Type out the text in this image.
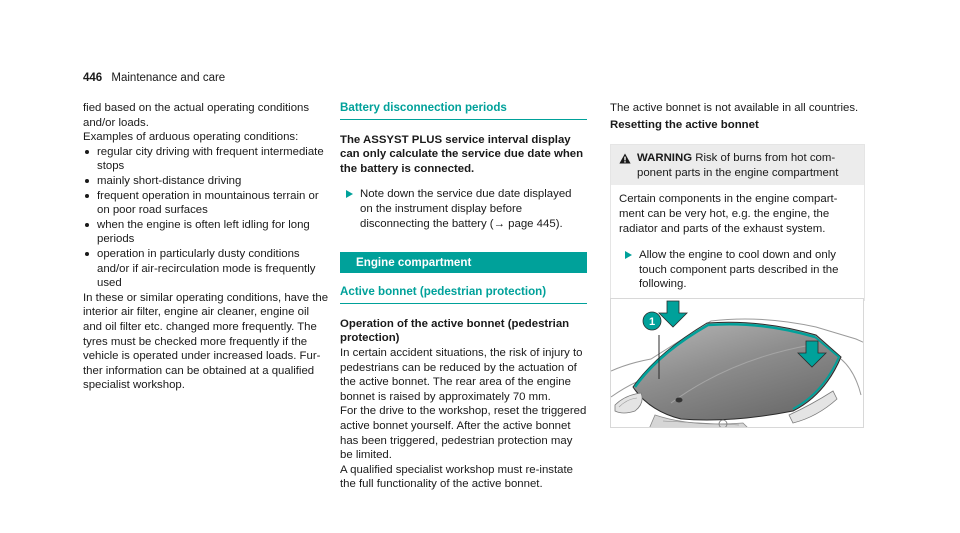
446 Maintenance and care

fied based on the actual operating conditions and/or loads.

Examples of arduous operating conditions:

regular city driving with frequent intermediate stops
mainly short-distance driving
frequent operation in mountainous terrain or on poor road surfaces
when the engine is often left idling for long periods
operation in particularly dusty conditions and/or if air-recirculation mode is frequently used

In these or similar operating conditions, have the interior air filter, engine air cleaner, engine oil and oil filter etc. changed more frequently. The tyres must be checked more frequently if the vehicle is operated under increased loads. Further information can be obtained at a qualified specialist workshop.

Battery disconnection periods

The ASSYST PLUS service interval display can only calculate the service due date when the battery is connected.

Note down the service due date displayed on the instrument display before disconnecting the battery (→ page 445).
Engine compartment
Active bonnet (pedestrian protection)

Operation of the active bonnet (pedestrian protection)

In certain accident situations, the risk of injury to pedestrians can be reduced by the actuation of the active bonnet. The rear area of the engine bonnet is raised by approximately 70 mm.

For the drive to the workshop, reset the triggered active bonnet yourself. After the active bonnet has been triggered, pedestrian protection may be limited.

A qualified specialist workshop must re-instate the full functionality of the active bonnet.

The active bonnet is not available in all countries.

Resetting the active bonnet

WARNING Risk of burns from hot component parts in the engine compartment

Certain components in the engine compartment can be very hot, e.g. the engine, the radiator and parts of the exhaust system.

Allow the engine to cool down and only touch component parts described in the following.
1
